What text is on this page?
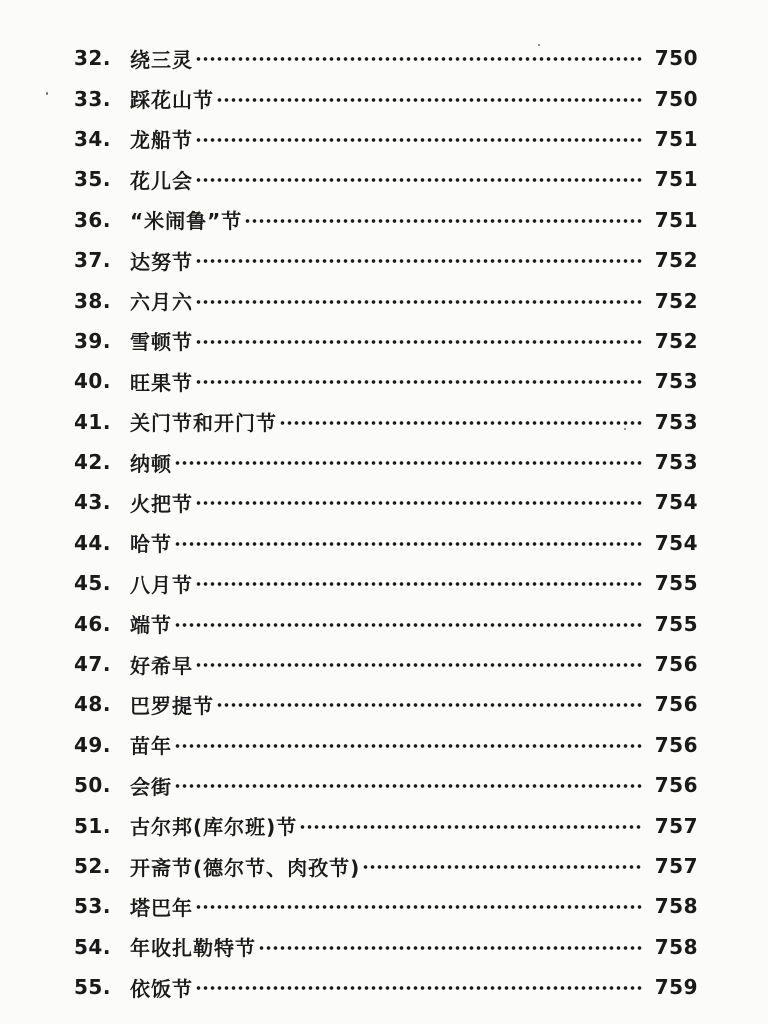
32. 绕三灵	750
33. 踩花山节	750
34. 龙船节	751
35. 花儿会	751
36. “米闹鲁”节	751
37. 达努节	752
38. 六月六	752
39. 雪顿节	752
40. 旺果节	753
41. 关门节和开门节	753
42. 纳顿	753
43. 火把节	754
44. 哈节	754
45. 八月节	755
46. 端节	755
47. 好希早	756
48. 巴罗提节	756
49. 苗年	756
50. 会街	756
51. 古尔邦(库尔班)节	757
52. 开斋节(德尔节、肉孜节)	757
53. 塔巴年	758
54. 年收扎勒特节	758
55. 依饭节	759
